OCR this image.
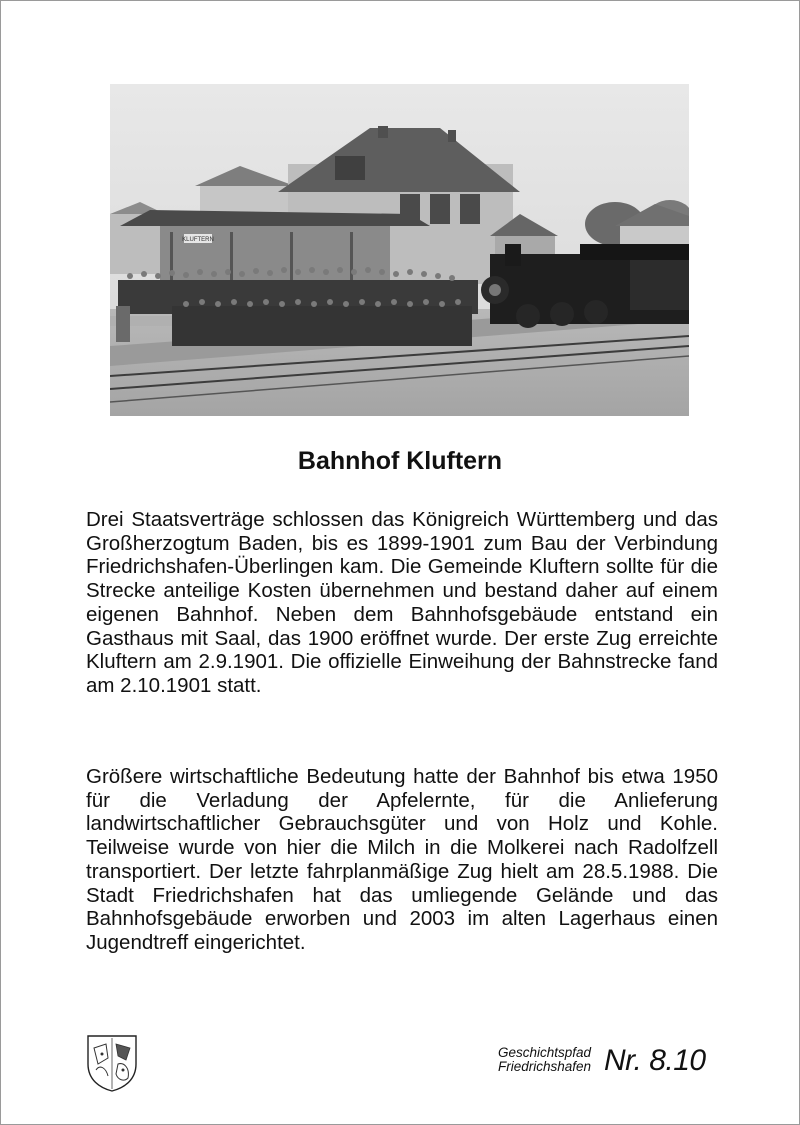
KLUFTERN
Bahnhof Kluftern

Drei Staatsverträge schlossen das Königreich Württemberg und das Großherzogtum Baden, bis es 1899-1901 zum Bau der Verbindung Friedrichshafen-Überlingen kam. Die Gemeinde Kluftern sollte für die Strecke anteilige Kosten übernehmen und bestand daher auf einem eigenen Bahnhof. Neben dem Bahnhofsgebäude entstand ein Gasthaus mit Saal, das 1900 eröffnet wurde. Der erste Zug erreichte Kluftern am 2.9.1901. Die offizielle Einweihung der Bahnstrecke fand am 2.10.1901 statt.

Größere wirtschaftliche Bedeutung hatte der Bahnhof bis etwa 1950 für die Verladung der Apfelernte, für die Anlieferung landwirtschaftlicher Gebrauchsgüter und von Holz und Kohle. Teilweise wurde von hier die Milch in die Molkerei nach Radolfzell transportiert. Der letzte fahrplanmäßige Zug hielt am 28.5.1988. Die Stadt Friedrichshafen hat das umliegende Gelände und das Bahnhofsgebäude erworben und 2003 im alten Lagerhaus einen Jugendtreff eingerichtet.

Geschichtspfad
Friedrichshafen Nr. 8.10
